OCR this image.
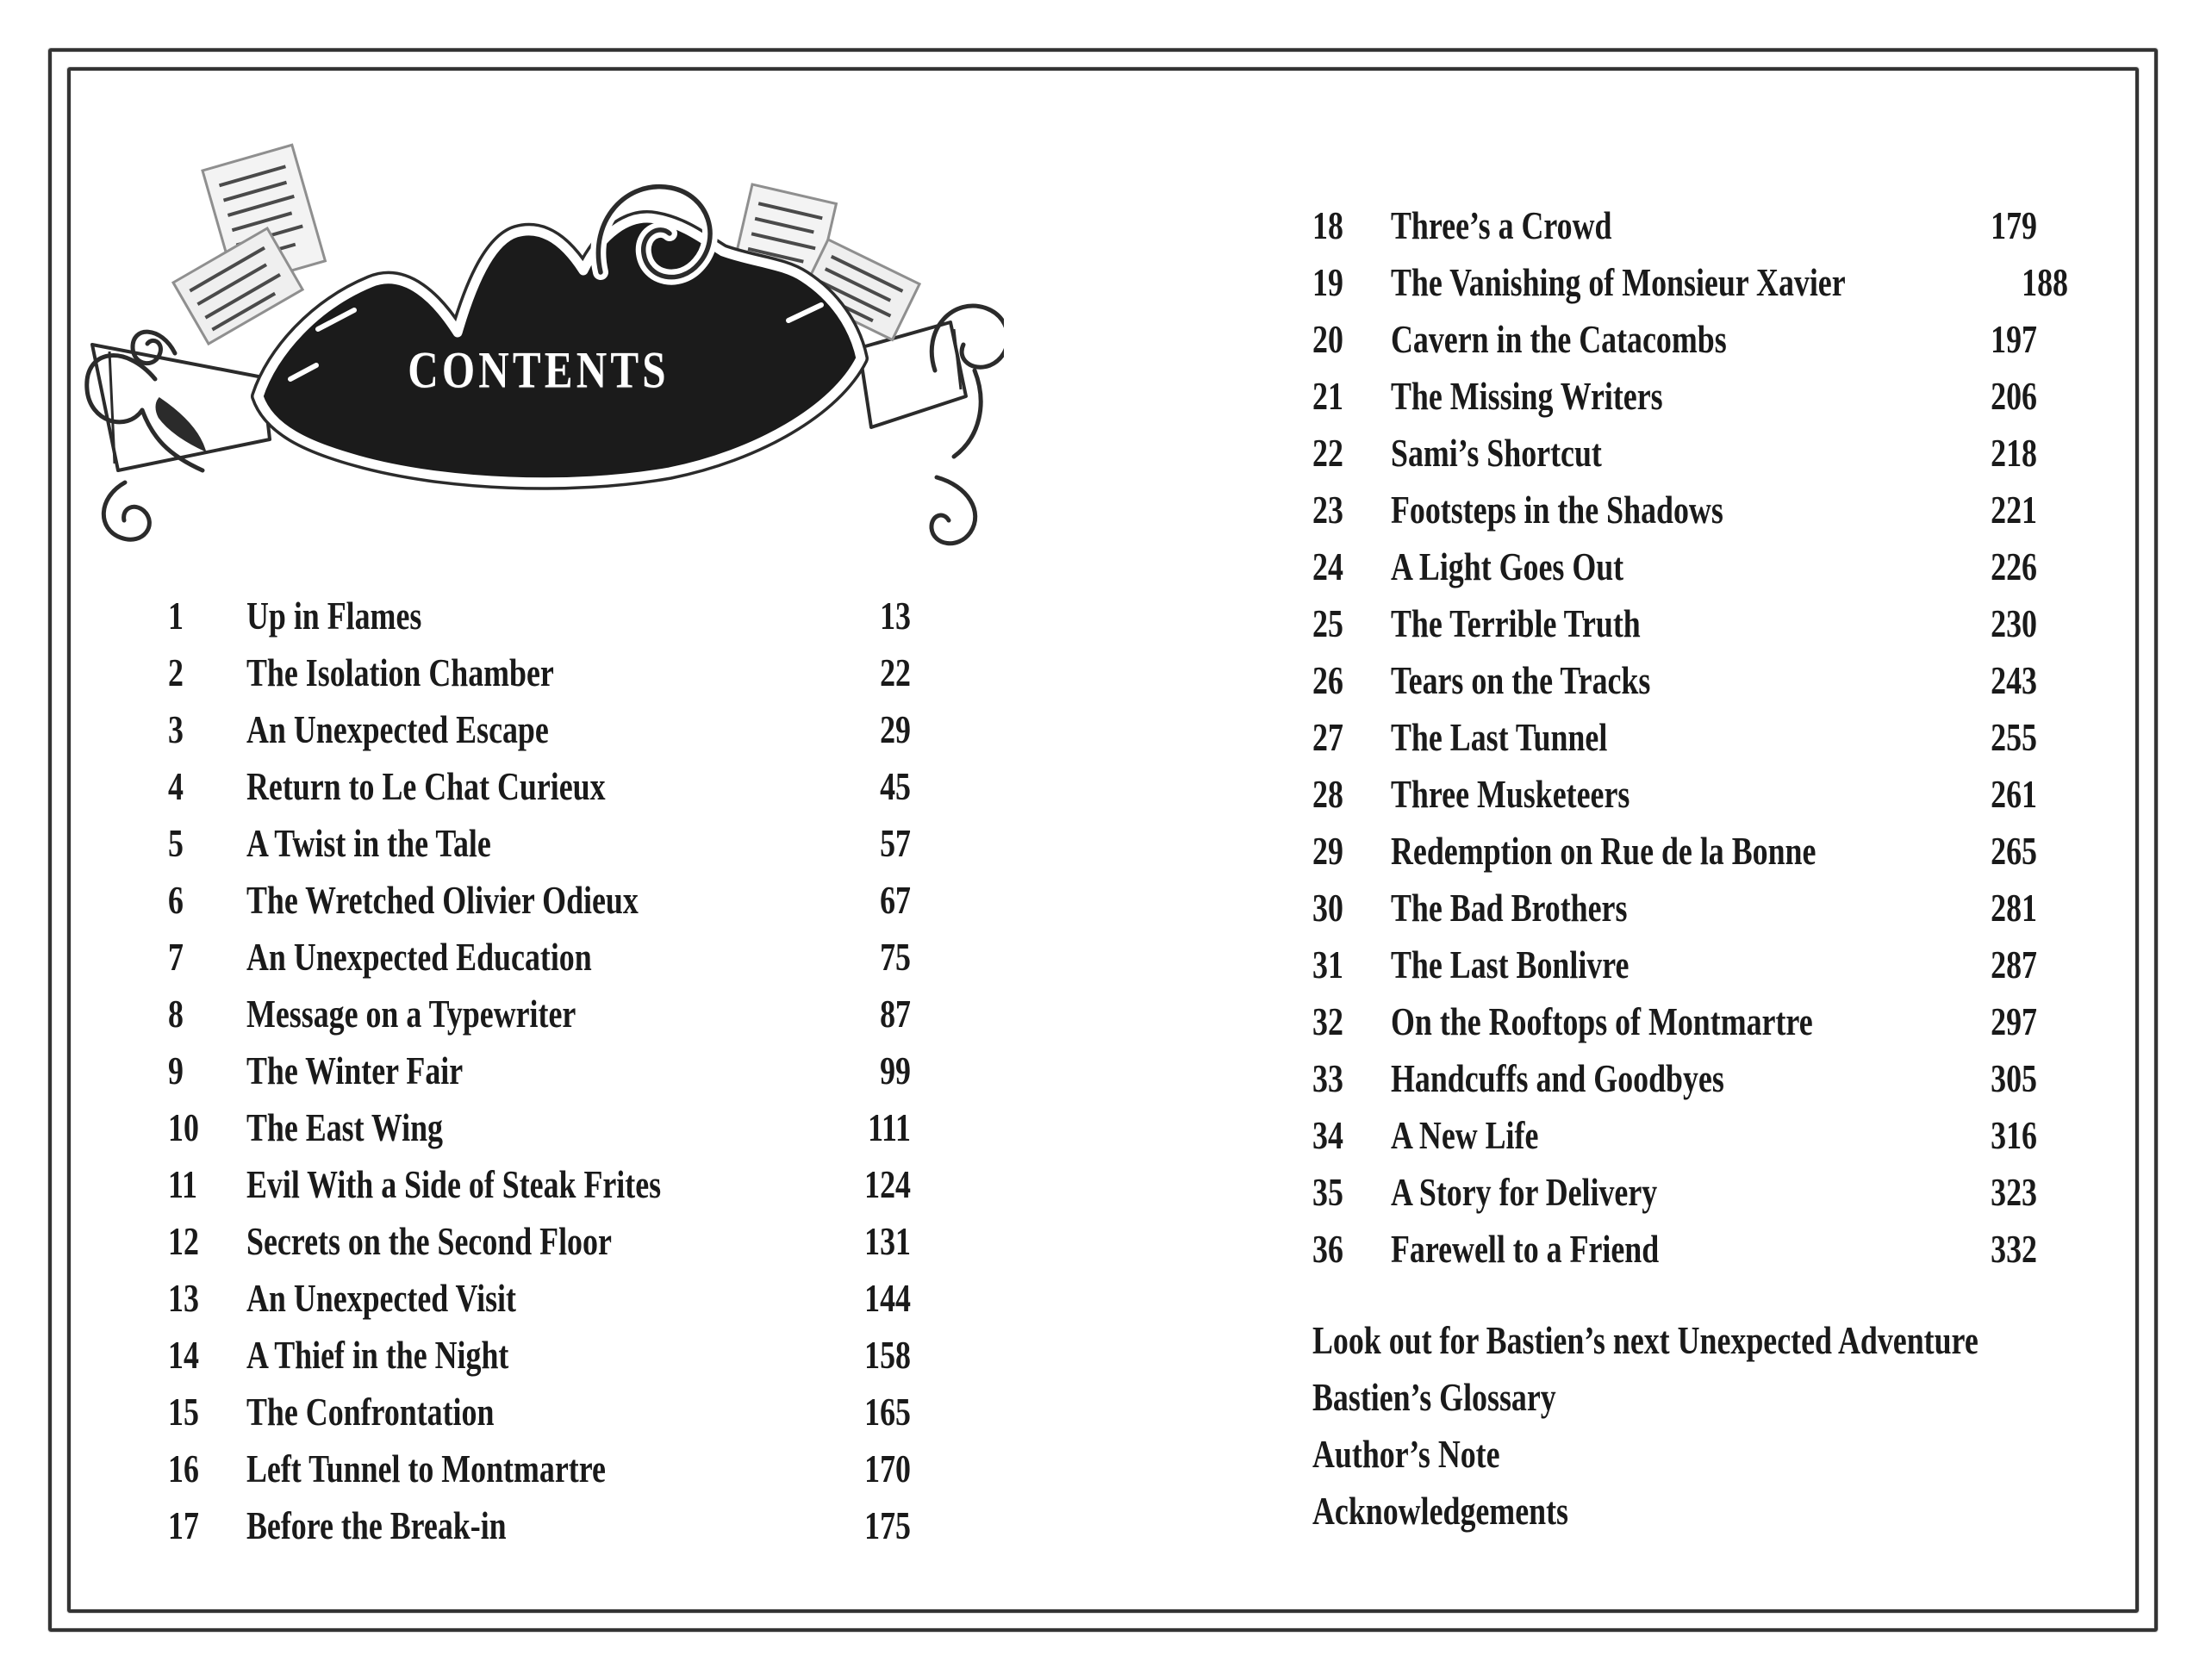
CONTENTS
1	Up in Flames	13
2	The Isolation Chamber	22
3	An Unexpected Escape	29
4	Return to Le Chat Curieux	45
5	A Twist in the Tale	57
6	The Wretched Olivier Odieux	67
7	An Unexpected Education	75
8	Message on a Typewriter	87
9	The Winter Fair	99
10	The East Wing	111
11	Evil With a Side of Steak Frites	124
12	Secrets on the Second Floor	131
13	An Unexpected Visit	144
14	A Thief in the Night	158
15	The Confrontation	165
16	Left Tunnel to Montmartre	170
17	Before the Break-in	175
18	Three’s a Crowd	179
19	The Vanishing of Monsieur Xavier	188
20	Cavern in the Catacombs	197
21	The Missing Writers	206
22	Sami’s Shortcut	218
23	Footsteps in the Shadows	221
24	A Light Goes Out	226
25	The Terrible Truth	230
26	Tears on the Tracks	243
27	The Last Tunnel	255
28	Three Musketeers	261
29	Redemption on Rue de la Bonne	265
30	The Bad Brothers	281
31	The Last Bonlivre	287
32	On the Rooftops of Montmartre	297
33	Handcuffs and Goodbyes	305
34	A New Life	316
35	A Story for Delivery	323
36	Farewell to a Friend	332
Look out for Bastien’s next Unexpected Adventure
Bastien’s Glossary
Author’s Note
Acknowledgements
